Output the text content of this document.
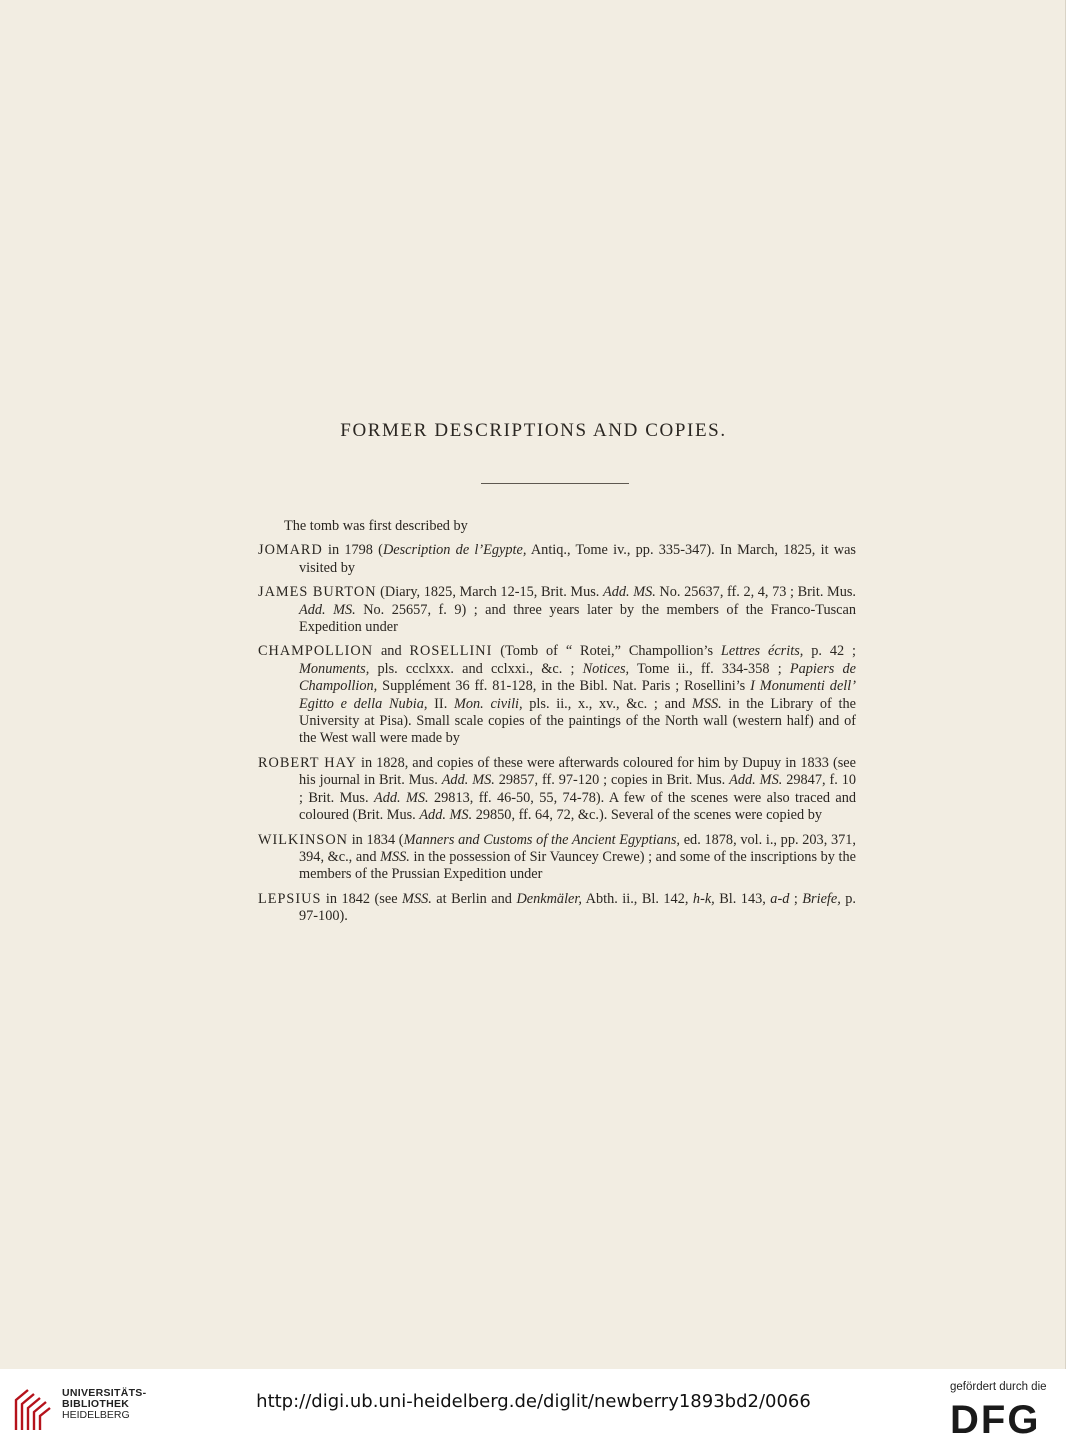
FORMER DESCRIPTIONS AND COPIES.
The tomb was first described by
JOMARD in 1798 (Description de l’Egypte, Antiq., Tome iv., pp. 335-347). In March, 1825, it was visited by
JAMES BURTON (Diary, 1825, March 12-15, Brit. Mus. Add. MS. No. 25637, ff. 2, 4, 73 ; Brit. Mus. Add. MS. No. 25657, f. 9) ; and three years later by the members of the Franco-Tuscan Expedition under
CHAMPOLLION and ROSELLINI (Tomb of “ Rotei,” Champollion’s Lettres écrits, p. 42 ; Monuments, pls. ccclxxx. and cclxxi., &c. ; Notices, Tome ii., ff. 334-358 ; Papiers de Champollion, Supplément 36 ff. 81-128, in the Bibl. Nat. Paris ; Rosellini’s I Monumenti dell’ Egitto e della Nubia, II. Mon. civili, pls. ii., x., xv., &c. ; and MSS. in the Library of the University at Pisa). Small scale copies of the paintings of the North wall (western half) and of the West wall were made by
ROBERT HAY in 1828, and copies of these were afterwards coloured for him by Dupuy in 1833 (see his journal in Brit. Mus. Add. MS. 29857, ff. 97-120 ; copies in Brit. Mus. Add. MS. 29847, f. 10 ; Brit. Mus. Add. MS. 29813, ff. 46-50, 55, 74-78). A few of the scenes were also traced and coloured (Brit. Mus. Add. MS. 29850, ff. 64, 72, &c.). Several of the scenes were copied by
WILKINSON in 1834 (Manners and Customs of the Ancient Egyptians, ed. 1878, vol. i., pp. 203, 371, 394, &c., and MSS. in the possession of Sir Vauncey Crewe) ; and some of the inscriptions by the members of the Prussian Expedition under
LEPSIUS in 1842 (see MSS. at Berlin and Denkmäler, Abth. ii., Bl. 142, h-k, Bl. 143, a-d ; Briefe, p. 97-100).
UNIVERSITÄTS-
BIBLIOTHEK
HEIDELBERG
http://digi.ub.uni-heidelberg.de/diglit/newberry1893bd2/0066
gefördert durch die
DFG
